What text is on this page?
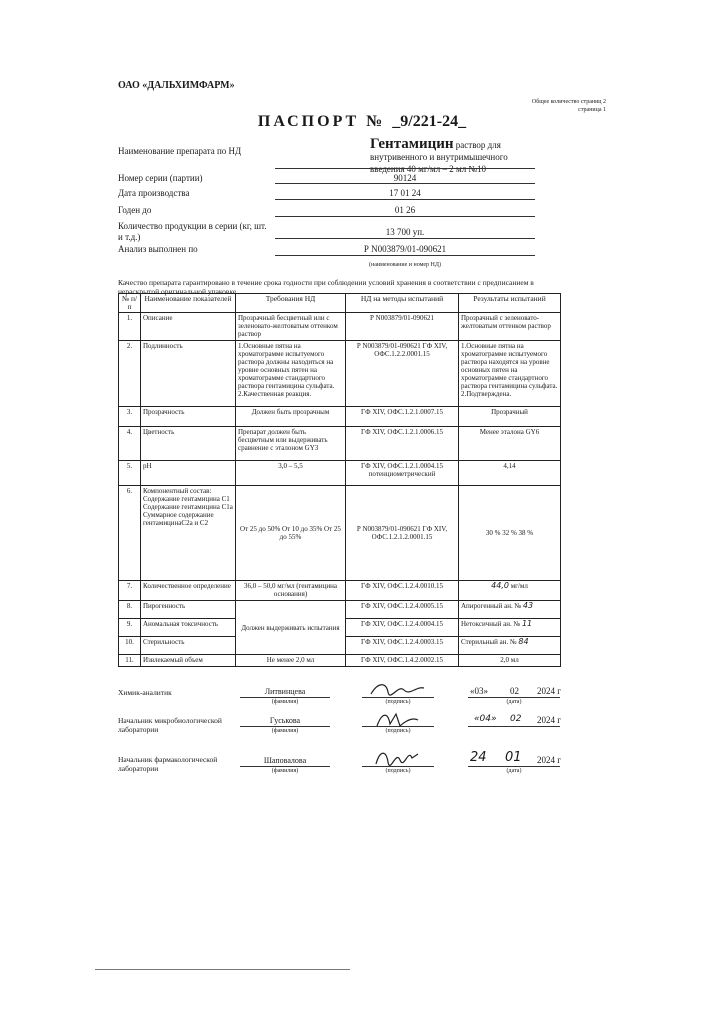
ОАО «ДАЛЬХИМФАРМ»
Общее количество страниц 2
страница 1
ПАСПОРТ № _9/221-24_
Наименование препарата по НД	Гентамицин раствор для внутривенного и внутримышечного введения 40 мг/мл – 2 мл №10
Номер серии (партии)	90124
Дата производства	17 01 24
Годен до	01 26
Количество продукции в серии (кг, шт. и т.д.)	13 700 уп.
Анализ выполнен по	Р N003879/01-090621
(наименование и номер НД)
Качество препарата гарантировано в течение срока годности при соблюдении условий хранения в соответствии с предписанием в нераскрытой оригинальной упаковке.
№ п/п	Наименование показателей	Требования НД	НД на методы испытаний	Результаты испытаний
1.	Описание	Прозрачный бесцветный или с зеленовато-желтоватым оттенком раствор	Р N003879/01-090621	Прозрачный с зеленовато-желтоватым оттенком раствор
2.	Подлинность	1.Основные пятна на хроматограмме испытуемого раствора должны находиться на уровне основных пятен на хроматограмме стандартного раствора гентамицина сульфата. 2.Качественная реакция.	Р N003879/01-090621 ГФ XIV, ОФС.1.2.2.0001.15	1.Основные пятна на хроматограмме испытуемого раствора находятся на уровне основных пятен на хроматограмме стандартного раствора гентамицина сульфата. 2.Подтверждена.
3.	Прозрачность	Должен быть прозрачным	ГФ XIV, ОФС.1.2.1.0007.15	Прозрачный
4.	Цветность	Препарат должен быть бесцветным или выдерживать сравнение с эталоном GY3	ГФ XIV, ОФС.1.2.1.0006.15	Менее эталона GY6
5.	pH	3,0 – 5,5	ГФ XIV, ОФС.1.2.1.0004.15 потенциометрический	4,14
6.	Компонентный состав: Содержание гентамицина C1 Содержание гентамицина C1a Суммарное содержание гентамицинаC2a и C2	От 25 до 50% От 10 до 35% От 25 до 55%	Р N003879/01-090621 ГФ XIV, ОФС.1.2.1.2.0001.15	30 % 32 % 38 %
7.	Количественное определение	36,0 – 50,0 мг/мл (гентамицина основания)	ГФ XIV, ОФС.1.2.4.0010.15	44,0 мг/мл
8.	Пирогенность	Должен выдерживать испытания	ГФ XIV, ОФС.1.2.4.0005.15	Апирогенный ан. № 43
9.	Аномальная токсичность		ГФ XIV, ОФС.1.2.4.0004.15	Нетоксичный ан. № 11
10.	Стерильность		ГФ XIV, ОФС.1.2.4.0003.15	Стерильный ан. № 84
11.	Извлекаемый объем	Не менее 2,0 мл	ГФ XIV, ОФС.1.4.2.0002.15	2,0 мл
Химик-аналитик	Литвинцева
(фамилия)	(подпись)
«03» 02 2024 г
(дата)
Начальник микробиологической лаборатории
Гуськова
(фамилия)	(подпись)
«04» 02 2024 г
Начальник фармакологической лаборатории
Шаповалова
(фамилия)	(подпись)
24 01 2024 г
(дата)
